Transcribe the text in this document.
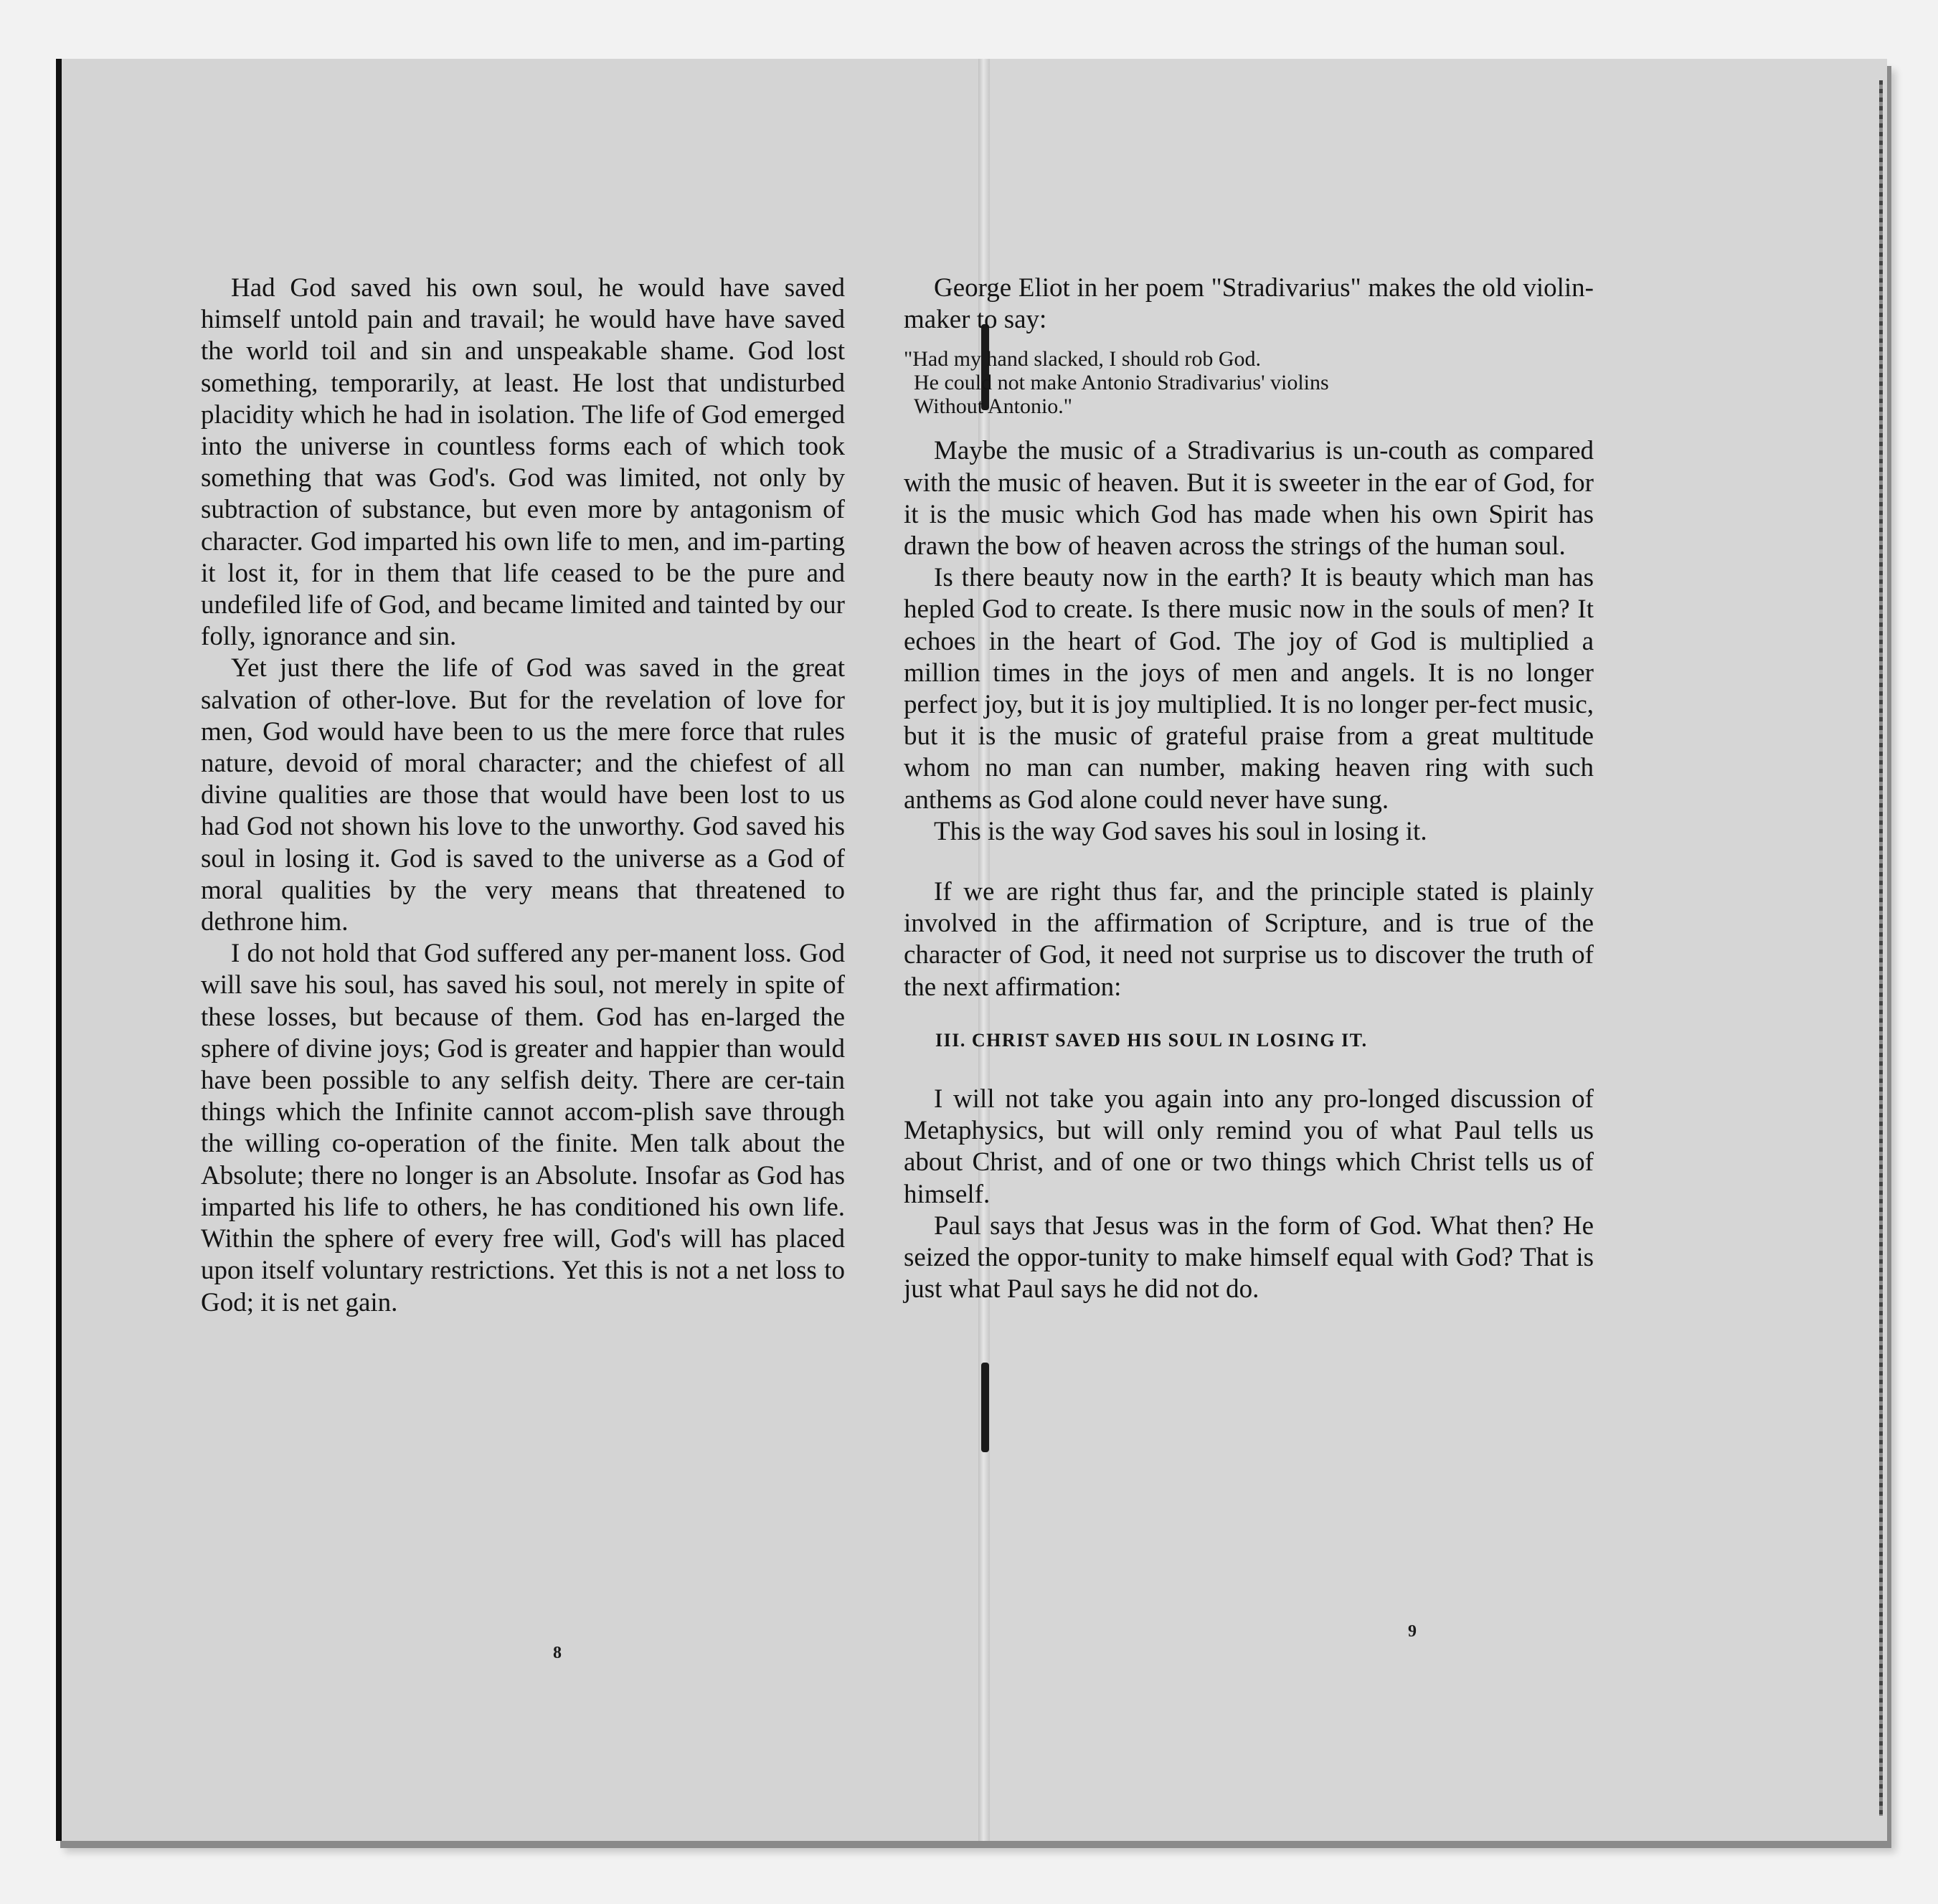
Had God saved his own soul, he would have saved himself untold pain and travail; he would have have saved the world toil and sin and unspeakable shame. God lost something, temporarily, at least. He lost that undisturbed placidity which he had in isolation. The life of God emerged into the universe in countless forms each of which took something that was God's. God was limited, not only by subtraction of substance, but even more by antagonism of character. God imparted his own life to men, and im-parting it lost it, for in them that life ceased to be the pure and undefiled life of God, and became limited and tainted by our folly, ignorance and sin.

Yet just there the life of God was saved in the great salvation of other-love. But for the revelation of love for men, God would have been to us the mere force that rules nature, devoid of moral character; and the chiefest of all divine qualities are those that would have been lost to us had God not shown his love to the unworthy. God saved his soul in losing it. God is saved to the universe as a God of moral qualities by the very means that threatened to dethrone him.

I do not hold that God suffered any per-manent loss. God will save his soul, has saved his soul, not merely in spite of these losses, but because of them. God has en-larged the sphere of divine joys; God is greater and happier than would have been possible to any selfish deity. There are cer-tain things which the Infinite cannot accom-plish save through the willing co-operation of the finite. Men talk about the Absolute; there no longer is an Absolute. Insofar as God has imparted his life to others, he has conditioned his own life. Within the sphere of every free will, God's will has placed upon itself voluntary restrictions. Yet this is not a net loss to God; it is net gain.

8

George Eliot in her poem "Stradivarius" makes the old violin-maker to say:

"Had my hand slacked, I should rob God.
He could not make Antonio Stradivarius' violins
Without Antonio."

Maybe the music of a Stradivarius is un-couth as compared with the music of heaven. But it is sweeter in the ear of God, for it is the music which God has made when his own Spirit has drawn the bow of heaven across the strings of the human soul.

Is there beauty now in the earth? It is beauty which man has hepled God to create. Is there music now in the souls of men? It echoes in the heart of God. The joy of God is multiplied a million times in the joys of men and angels. It is no longer perfect joy, but it is joy multiplied. It is no longer per-fect music, but it is the music of grateful praise from a great multitude whom no man can number, making heaven ring with such anthems as God alone could never have sung.

This is the way God saves his soul in losing it.

If we are right thus far, and the principle stated is plainly involved in the affirmation of Scripture, and is true of the character of God, it need not surprise us to discover the truth of the next affirmation:

III. CHRIST SAVED HIS SOUL IN LOSING IT.

I will not take you again into any pro-longed discussion of Metaphysics, but will only remind you of what Paul tells us about Christ, and of one or two things which Christ tells us of himself.

Paul says that Jesus was in the form of God. What then? He seized the oppor-tunity to make himself equal with God? That is just what Paul says he did not do.

9
